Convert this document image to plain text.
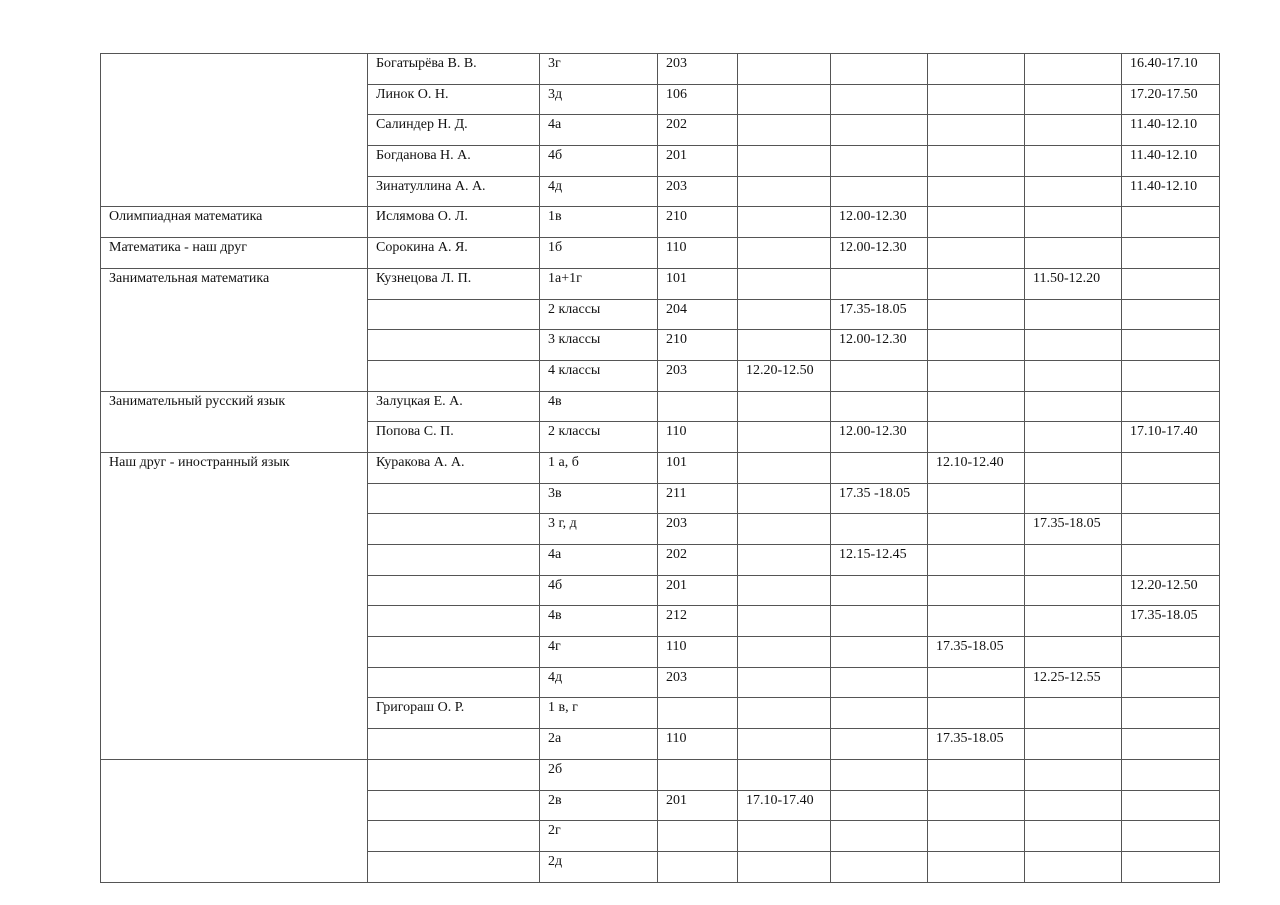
	Богатырёва В. В.	3г	203					16.40-17.10
	Линок О. Н.	3д	106					17.20-17.50
	Салиндер Н. Д.	4а	202					11.40-12.10
	Богданова Н. А.	4б	201					11.40-12.10
	Зинатуллина А. А.	4д	203					11.40-12.10
Олимпиадная математика	Ислямова О. Л.	1в	210		12.00-12.30			
Математика - наш друг	Сорокина А. Я.	1б	110		12.00-12.30			
Занимательная математика	Кузнецова Л. П.	1а+1г	101				11.50-12.20	
		2 классы	204		17.35-18.05			
		3 классы	210		12.00-12.30			
		4 классы	203	12.20-12.50				
Занимательный русский язык	Залуцкая Е. А.	4в						
	Попова С. П.	2 классы	110		12.00-12.30			17.10-17.40
Наш друг - иностранный язык	Куракова А. А.	1 а, б	101			12.10-12.40		
		3в	211		17.35 -18.05			
		3 г, д	203				17.35-18.05	
		4а	202		12.15-12.45			
		4б	201					12.20-12.50
		4в	212					17.35-18.05
		4г	110			17.35-18.05		
		4д	203				12.25-12.55	
	Григораш О. Р.	1 в, г						
		2а	110			17.35-18.05		
		2б						
		2в	201	17.10-17.40				
		2г						
		2д						
